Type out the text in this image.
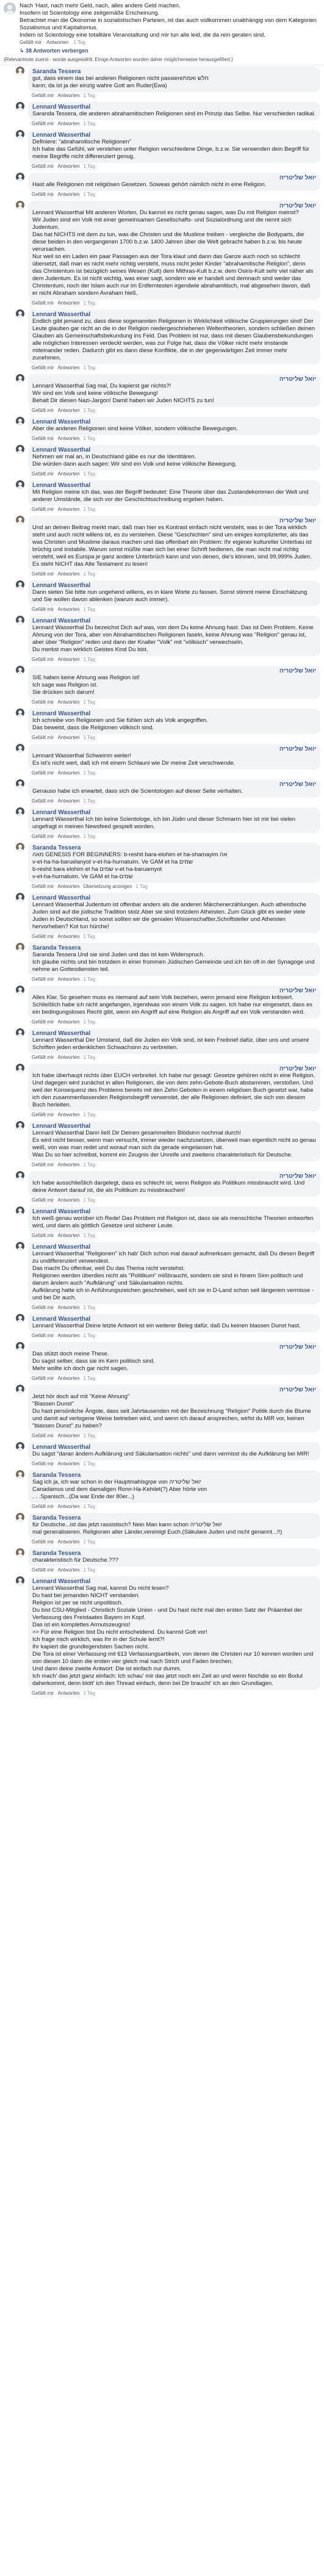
Nach 'Hast, nach mehr Geld, nach, alles andere Geld machen.
Insofern ist Scientology eine zeitgemäße Erscheinung.
Betrachtet man die Ökonomie in sozialistischen Parteien, ist das auch vollkommen unabhängig von dem Kategorien Sozialismus und Kapitalismus.
Indem ist Scientology eine totalitäre Veranstaltung und mir tun alle leid, die da rein geraten sind.
Gefällt mir Antworten 1 Tag
↳ 38 Antworten verbergen
(Relevanteste zuerst · wurde ausgewählt. Einige Antworten wurden daher möglicherweise herausgefiltert.)
Saranda Tessera
gut, dass einem das bei anderen Religionen nicht passiereחלש ואמת
kann; da ist ja der einzig wahre Gott am Ruder(Ewa)
Gefällt mir Antworten 1 Tag
Lennard Wasserthal
Saranda Tessera, die anderen abrahamitischen Religionen sind im Prinzip das Selbe. Nur verschieden radikal.
Gefällt mir Antworten 1 Tag
Lennard Wasserthal
Definiere: "abrahamitische Religionen"
Ich habe das Gefühl, wir verstehen unter Religion verschiedene Dinge, b.z.w. Sie verwenden dein Begriff für meine Begriffe nicht differenziert genug.
Gefällt mir Antworten 1 Tag
יואל שליטריה
Hast alle Religionen mit religiösen Gesetzen. Soweas gehört nämlich nicht in eine Religion.
Gefällt mir Antworten 1 Tag
יואל שליטריה
Lennard Wasserthal Mit anderen Worten, Du kannst es nicht genau sagen, was Du mit Religion meinst?
Wir Juden sind ein Volk mit einer gemeinsamen Gesellschafts- und Sozialordnung und die nennt sich Judentum.
Das hat NICHTS mit dem zu tun, was die Christen und die Muslime treiben - vergleiche die Bodyparts, die diese beiden in den vergangenen 1700 b.z.w. 1400 Jahren über die Welt gebracht haben b.z.w. bis heute verursachen.
Nur weil so ein Laden ein paar Passagen aus der Tora klaut und dann das Ganze auch noch so schlecht übersetzt, daß man es nicht mehr richtig versteht, muss nicht jeder Kinder "abrahamitische Religion", denn das Christentum ist bezüglich seines Wesen (Kult) dem Mithras-Kult b.z.w. dem Osiris-Kult sehr viel näher als dem Judentum. Es ist nicht wichtig, was einer sagt, sondern wie er handelt und demnach sind weder das Christentum, noch der Islam auch nur im Entferntesten irgendwie abrahamitisch, mal abgesehen davon, daß er nicht Abraham sondern Avraham hieß.
Gefällt mir Antworten 1 Tag
Lennard Wasserthal
Endlich gibt jemand zu, dass diese sogenannten Religionen in Wirklichkeit völkische Gruppierungen sind! Der Leute glauben gar nicht an die in der Religion niedergeschriebenen Weltentheorien, sondern schließen deinen Glauben als Gemeinschaftsbekundung ins Feld. Das Problem ist nur, dass mit diesen Glaubensbekundungen alle möglichen Interessen verdeckt werden, was zur Folge hat, dass die Völker nicht mehr imstande miteinander reden. Dadurch gibt es dann diese Konflikte, die in der gegenwärtigen Zeit immer mehr zunehmen.
Gefällt mir Antworten 1 Tag
יואל שליטריה
Lennard Wasserthal Sag mal, Du kapierst gar nichts?!
Wir sind ein Volk und keine völkische Bewegung!
Behalt Dir diesen Nazi-Jargon! Damit haben wir Juden NICHTS zu tun!
Gefällt mir Antworten 1 Tag
Lennard Wasserthal
Aber die anderen Religionen sind keine Völker, sondern völkische Bewegungen.
Gefällt mir Antworten 1 Tag
Lennard Wasserthal
Nehmen wir mal an, in Deutschland gäbe es nur die Identitären.
Die würden dann auch sagen: Wir sind ein Volk und keine völkische Bewegung.
Gefällt mir Antworten 1 Tag
Lennard Wasserthal
Mit Religion meine ich das, was der Begriff bedeutet: Eine Theorie über das Zustandekommen der Welt und anderer Umstände, die sich vor der Geschichtsschreibung ergeben haben.
Gefällt mir Antworten 1 Tag
יואל שליטריה
Und an deinen Beitrag merkt man, daß man hier es Kontrast einfach nicht versteht, was in der Tora wirklich steht und auch nicht willens ist, es zu verstehen. Diese "Geschichten" sind um einiges komplizierter, als das was Christen und Muslime daraus machen und das offenbart ein Problem: Ihr eigener kultureller Unterbau ist brüchig und instabile. Warum sonst müßte man sich bei einer Schrift bedienen, die man nicht mal richtig versteht, weil es Europa je ganz andere Unterbrüch kann und von denen, die's können, sind 99,999% Juden.
Es steht NICHT das Alte Testament zu lesen!
Gefällt mir Antworten 1 Tag
Lennard Wasserthal
Dann sieten Sie bitte nun ungehend willens, es in klare Worte zu fassen. Sonst stimmt meine Einschätzung und Sie wollen davon ablenken (warum auch immer).
Gefällt mir Antworten 1 Tag
Lennard Wasserthal
Lennard Wasserthal Du bezeichst Dich auf was, von dem Du keine Ahnung hast. Das ist Dein Problem. Keine Ahnung von der Tora, aber von Abrahamitischen Religionen faseln, keine Ahnung was "Religion" genau ist, aber über "Religion" reden und dann der Knaller "Volk" mit "völkisch" verwechseln.
Du merkst man wirklich Geistes Kind Du bist.
Gefällt mir Antworten 1 Tag
יואל שליטריה
SIE haben keine Ahnung was Religion ist!
Ich sage was Religion ist.
Sie drücken sich darum!
Gefällt mir Antworten 1 Tag
Lennard Wasserthal
Ich schreibe von Religionen und Sie fühlen sich als Volk angegriffen.
Das beweist, dass die Religionen völkisch sind.
Gefällt mir Antworten 1 Tag
יואל שליטריה
Lennard Wasserthal Schweinm weiter!
Es ist's nicht wert, daß ich mit einem Schlauni wie Dir meine Zeit verschwende.
Gefällt mir Antworten 1 Tag
יואל שליטריה
Genauso habe ich erwartet, dass sich die Scientologen auf dieser Seite verhalten.
Gefällt mir Antworten 1 Tag
Lennard Wasserthal
Lennard Wasserthal Ich bin keine Scientologe, ich bin Jüdin und dieser Schmarrn hier ist mir bei vielen ungefragt in meinen Newsfeed gespielt worden.
Gefällt mir Antworten 1 Tag
Saranda Tessera
מאה GENESIS FOR BEGINNERS: b-reshit bara-elohim et ha-shamayim אה
v-et-ha-ha-baruelanyot v-et-ha-hurnatuim. Ve GAM et ha שמים
b-reshit bara elohim et ha שמים v-et ha-baruamyot
v-et-ha-hurnatuim. Ve GAM et ha-שמים
Gefällt mir Antworten Übersetzung anzeigen 1 Tag
Lennard Wasserthal
Lennard Wasserthal Judentum ist offenbar anders als die anderen Märchenerzählungen. Auch atheistische Juden sind auf die jüdische Tradition stolz.Aber sie sind trotzdem Atheisten. Zum Glück gibt es weder viele Juden in Deutschland, so sonst sollten wir die genialen Wissenschaftler,Schriftsteller und Atheisten hervorheben? Kot tun hürche!
Gefällt mir Antworten 1 Tag
Saranda Tessera
Saranda Tessera Und sie sind Juden und das ist kein Widerspruch.
Ich glaube nichts und bin trotzdem in einer frommen Jüdischen Gemeinde und ich bin oft in der Synagoge und nehme an Gottesdiensten teil.
Gefällt mir Antworten 1 Tag
יואל שליטריה
Alles Klar. So gesehen muss es niemand auf sein Volk beziehen, wenn jemand eine Religion kritisiert. Schließlich habe ich nicht angefangen, irgendwas von einem Volk zu sagen. Ich habe nur eingesetzt, dass es ein bedingungsloses Recht gibt, wenn ein Angriff auf eine Religion als Angriff auf ein Volk verstanden wird.
Gefällt mir Antworten 1 Tag
Lennard Wasserthal
Lennard Wasserthal Der Umstand, daß die Juden ein Volk sind, ist kein Freibrief dafür, über uns und unsere Schriften jeden erdenklichen Schwachsinn zu verbreiten.
Gefällt mir Antworten 1 Tag
יואל שליטריה
Ich habe überhaupt nichts über EUCH verbreitet. Ich habe nur gesagt: Gesetze gehören nicht in eine Religion. Und dagegen wird zunächst in allen Religionen, die von dem zehn-Gebote-Buch abstammen, verstoßen. Und weil der Konsequenz des Problems bereits mit den Zehn Geboten in einem religiösen Buch gesetzt war, habe ich den zusammenfassenden Religionsbegriff verwendet, der alle Religionen definiert, die sich von diesem Buch herleiten.
Gefällt mir Antworten 1 Tag
Lennard Wasserthal
Lennard Wasserthal Dann ließ Dir Deinen gesammelten Blödsinn nochmal durch!
Es wird nicht besser, wenn man versucht, immer wieder nachzusetzen, überweil man eigentlich nicht so genau weiß, von was man redet und worauf man sich da gerade eingelassen hat.
Was Du so hier schreibst, kommt ein Zeugnis der Unreife und zweitens charakteristisch für Deutsche.
Gefällt mir Antworten 1 Tag
יואל שליטריה
Ich habe ausschließlich dargelegt, dass es schlecht ist, wenn Religion als Politikum missbraucht wird. Und deine Antwort darauf ist, die als Politikum zu missbrauchen!
Gefällt mir Antworten 1 Tag
Lennard Wasserthal
Ich weiß genau worüber ich Rede! Das Problem mit Religion ist, dass sie als menschliche Theorien entworfen wird, und dann als göttlich Gesetze und sicherer Leute.
Gefällt mir Antworten 1 Tag
Lennard Wasserthal
Lennard Wasserthal "Religionen" ich hab' Dich schon mal darauf aufmerksam gemacht, daß Du diesen Begriff zu undifferenziert verwendest.
Das macht Du offenbar, weil Du das Thema nicht verstehst.
Religionen werden überdies nicht als "Politikum" mißbraucht, sondern sie sind in hinem Sinn politisch und darum ändern auch "Aufklärung" und Säkularisation nichts.
Aufklärung hatte ich in Anführungszeichen geschrieben, weil ich sie in D-Land schon seit längerem vermisse - und bei Dir auch.
Gefällt mir Antworten 1 Tag
Lennard Wasserthal
Lennard Wasserthal Deine letzte Antwort ist ein weiterer Beleg dafür, daß Du keinen blassen Dunst hast.
Gefällt mir Antworten 1 Tag
יואל שליטריה
Das stützt doch meine These.
Du sagst selber, dass sie im Kern politisch sind.
Mehr wollte ich doch gar nicht sagen.
Gefällt mir Antworten 1 Tag
יואל שליטריה
Jetzt hör doch auf mit "Keine Ahnung"
"Blassen Dunst"
Du hast persönliche Ängste, dass seit Jahrtausenden mit der Bezeichnung "Religion" Politik durch die Blume und damit auf verlogene Weise betrieben wird, und wenn ich darauf ansprechen, wirfst du MIR vor, keinen "blassen Dunst" zu haben?
Gefällt mir Antworten 1 Tag
Lennard Wasserthal
Du sagst "daran ändern Aufklärung und Säkularisation nichts" und dann vermisst du die Aufklärung bei MIR!
Gefällt mir Antworten 1 Tag
Saranda Tessera
Sag ich ja, ich war schon in der Hauptmahlsgrpe von יואל שליטריה
Canadamus und dem damaligen Ronn-Ha-Kehilet(?) Aber hörte von
. . .Spanisch...(Da war Ende der 80er...)
Gefällt mir Antworten 1 Tag
Saranda Tessera
für Deutsche...ist das jetzt rassistisch? Nein Man kann schon יואל שליטריה
mal generalisieren. Religionen aller Länder,vereinigt Euch.(Säkulare Juden und nicht genannt...!!)
Gefällt mir Antworten 1 Tag
Saranda Tessera
charakteristisch für Deutsche.???
Gefällt mir Antworten 1 Tag
Lennard Wasserthal
Lennard Wasserthal Sag mal, kannst Du nicht lesen?
Du hast bei jemanden NICHT verstanden.
Religion ist per se nicht unpolitisch.
Du bist CSU-Mitglied - Christlich Soziale Union - und Du hast nicht mal den ersten Satz der Präambel der Verfassung des Freistaates Bayern im Kopf.
Das ist ein komplettes Armutszeugnis!
>> Für eine Religion bist Du nicht entscheidend. Du kannst Gott vor!
Ich frage mich wirklich, was Ihr in der Schule lernt?!
Ihr kapiert die grundlegendsten Sachen nicht.
Die Tora ist einer Verfassung mit 613 Verfassungsartikeln, von denen die Christen nur 10 kennen wonllen und von diesen 10 dann die ersten vier gleich mal nach Strich und Faden brechen.
Und dann deine zweite Antwort: Die ist einfach nur dumm.
Ich mach' das jetzt ganz einfach: Ich schau' mir das jetzt noch ein Zeit an und wenn Nochdie so ein Bodul daherkommt, denn blott' ich den Thread einfach, denn bei Dir braucht' ich an den Grundlagen.
Gefällt mir Antworten 1 Tag
